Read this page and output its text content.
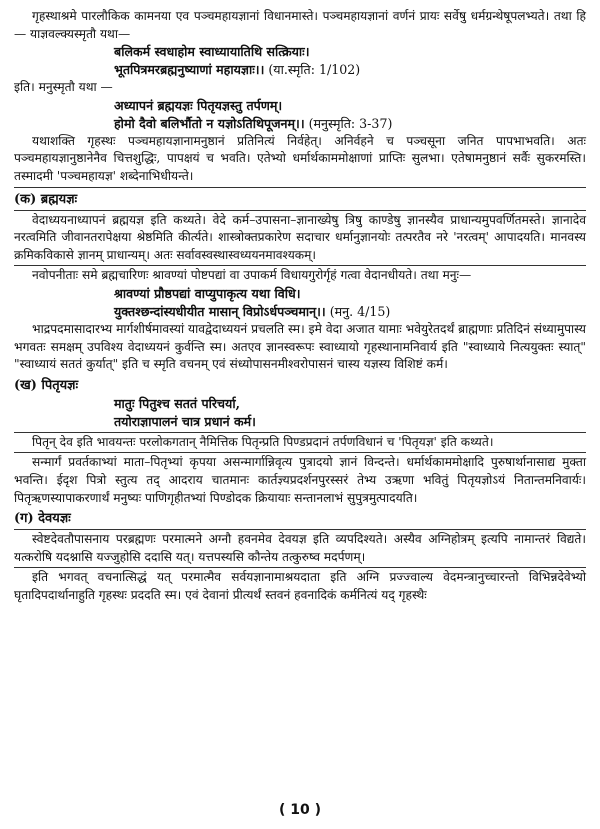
गृहस्थाश्रमे पारलौकिक कामनया एव पञ्चमहायज्ञानां विधानमास्ते। पञ्चमहायज्ञानां वर्णनं प्रायः सर्वेषु धर्मग्रन्थेषूपलभ्यते। तथा हि — याज्ञवल्क्यस्मृतौ यथा—

बलिकर्म स्वधाहोम स्वाध्यायातिथि सत्क्रियाः।
भूतपित्रमरब्रह्मनुष्याणां महायज्ञाः।। (या.स्मृति: 1/102)

इति। मनुस्मृतौ यथा —

अध्यापनं ब्रह्मयज्ञः पितृयज्ञस्तु तर्पणम्।
होमो दैवो बलिर्भौतो न यज्ञोऽतिथिपूजनम्।। (मनुस्मृति: 3-37)

यथाशक्ति गृहस्थः पञ्चमहायज्ञानामनुष्ठानं प्रतिनित्यं निर्वहेत्। अनिर्वहने च पञ्चसूना जनित पापभाभवति। अतः पञ्चमहायज्ञानुष्ठानेनैव चित्तशुद्धिः, पापक्षयं च भवति। एतेभ्यो धर्मार्थकाममोक्षाणां प्राप्तिः सुलभा। एतेषामनुष्ठानं सर्वैः सुकरमस्ति। तस्मादमी 'पञ्चमहायज्ञ' शब्देनाभिधीयन्ते।

(क) ब्रह्मयज्ञः

वेदाध्ययनाध्यापनं ब्रह्मयज्ञ इति कथ्यते। वेदे कर्म–उपासना–ज्ञानाख्येषु त्रिषु काण्डेषु ज्ञानस्यैव प्राधान्यमुपवर्णितमस्ते। ज्ञानादेव नरत्वमिति जीवानतरापेक्षया श्रेष्ठमिति कीर्त्यते। शास्त्रोक्तप्रकारेण सदाचार धर्मानुज्ञानयोः तत्परतैव नरे 'नरत्वम्' आपादयति। मानवस्य क्रमिकविकासे ज्ञानम् प्राधान्यम्। अतः सर्वावस्वस्थास्वध्ययनमावश्यकम्।

नवोपनीताः समे ब्रह्मचारिणः श्रावण्यां पोष्टपद्यां वा उपाकर्म विधायगुरोर्गृहं गत्वा वेदानधीयते। तथा मनुः—

श्रावण्यां प्रौष्ठपद्यां वाप्युपाकृत्य यथा विधि।
युक्तश्छन्दांस्यधीयीत मासान् विप्रोऽर्धपञ्चमान्।। (मनु. 4/15)

भाद्रपदमासादारभ्य मार्गशीर्षमावस्यां यावद्वेदाध्ययनं प्रचलति स्म। इमे वेदा अजात यामाः भवेयुरेतदर्थं ब्राह्मणाः प्रतिदिनं संध्यामुपास्य भगवतः समक्षम् उपविश्य वेदाध्ययनं कुर्वन्ति स्म। अतएव ज्ञानस्वरूपः स्वाध्यायो गृहस्थानामनिवार्य इति "स्वाध्याये नित्ययुक्तः स्यात्" "स्वाध्यायं सततं कुर्यात्" इति च स्मृति वचनम् एवं संध्योपासनमीश्वरोपासनं चास्य यज्ञस्य विशिष्टं कर्म।

(ख) पितृयज्ञः
मातुः पितुश्च सततं परिचर्या,
तयोराज्ञापालनं चात्र प्रधानं कर्म।

पितृन् देव इति भावयन्तः परलोकगतान् नैमित्तिक पितृन्प्रति पिण्डप्रदानं तर्पणविधानं च 'पितृयज्ञ' इति कथ्यते।

सन्मार्गं प्रवर्तकाभ्यां माता–पितृभ्यां कृपया असन्मार्गान्निवृत्य पुत्रादयो ज्ञानं विन्दन्ते। धर्मार्थकाममोक्षादि पुरुषार्थानासाद्य मुक्ता भवन्ति। ईदृश पित्रो स्तुत्य तद् आदराय चातमानः कार्तज्ञ्यप्रदर्शनपुरस्सरं तेभ्य उऋणा भवितुं पितृयज्ञोऽयं नितान्तमनिवार्यः। पितृऋणस्यापाकरणार्थं मनुष्यः पाणिगृहीतभ्यां पिण्डोदक क्रियायाः सन्तानलाभं सुपुत्रमुत्पादयति।

(ग) देवयज्ञः

स्वेष्टदेवतौपासनाय परब्रह्मणः परमात्मने अग्नौ हवनमेव देवयज्ञ इति व्यपदिश्यते। अस्यैव अग्निहोत्रम् इत्यपि नामान्तरं विद्यते। यत्करोषि यदश्नासि यज्जुहोसि ददासि यत्। यत्तपस्यसि कौन्तेय तत्कुरुष्व मदर्पणम्।

इति भगवत् वचनात्सिद्धं यत् परमात्मैव सर्वयज्ञानामाश्रयदाता इति अग्नि प्रज्ज्वाल्य वेदमन्त्रानुच्चारन्तो विभिन्नदेवेभ्यो घृतादिपदार्थानाहुति गृहस्थः प्रददति स्म। एवं देवानां प्रीत्यर्थं स्तवनं हवनादिकं कर्मनित्यं यद् गृहस्थैः

( 10 )
